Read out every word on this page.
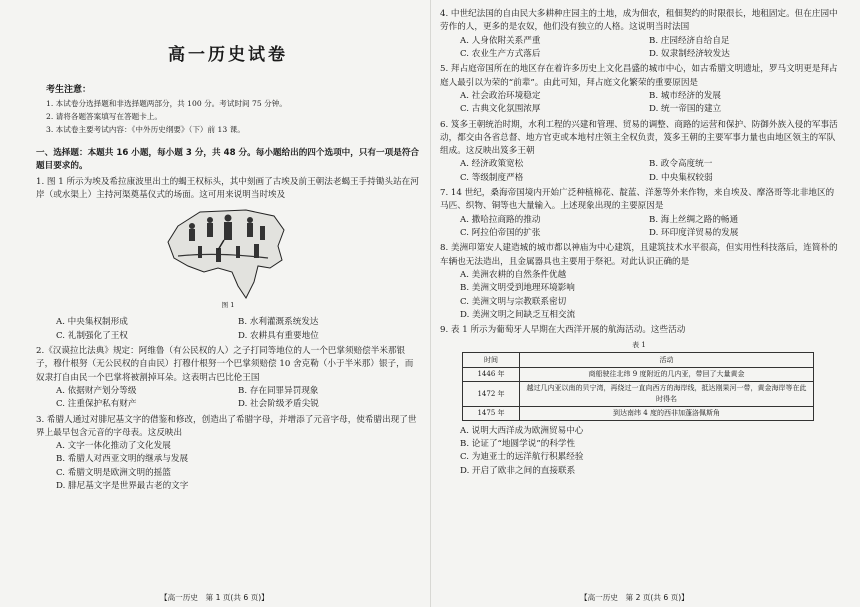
高一历史试卷
考生注意：
1. 本试卷分选择题和非选择题两部分，共 100 分。考试时间 75 分钟。
2. 请将各题答案填写在答题卡上。
3. 本试卷主要考试内容：《中外历史纲要》（下）前 13 课。
一、选择题：本题共 16 小题，每小题 3 分，共 48 分。每小题给出的四个选项中，只有一项是符合题目要求的。
1. 图 1 所示为埃及希拉康波里出土的蝎王权标头，其中刻画了古埃及前王朝法老蝎王手持锄头站在河岸（或水渠上）主持河渠奠基仪式的场面。这可用来说明当时埃及
图 1
A. 中央集权制形成	B. 水利灌溉系统发达
C. 礼制强化了王权	D. 农耕具有重要地位
2.《汉谟拉比法典》规定：阿维鲁（有公民权的人）之子打同等地位的人一个巴掌须赔偿半米那银子，穆什根努（无公民权的自由民）打穆什根努一个巴掌须赔偿 10 舍克勒（小于半米那）银子，而奴隶打自由民一个巴掌将被割掉耳朵。这表明古巴比伦王国
A. 依据财产划分等级	B. 存在同罪异罚现象
C. 注重保护私有财产	D. 社会阶级矛盾尖锐
3. 希腊人通过对腓尼基文字的借鉴和修改，创造出了希腊字母，并增添了元音字母，使希腊出现了世界上最早包含元音的字母表。这反映出
A. 文字一体化推动了文化发展
B. 希腊人对西亚文明的继承与发展
C. 希腊文明是欧洲文明的摇篮
D. 腓尼基文字是世界最古老的文字
【高一历史　第 1 页(共 6 页)】
4. 中世纪法国的自由民大多耕种庄园主的土地，成为佃农，租佃契约的时限很长，地租固定。但在庄园中劳作的人，更多的是农奴，他们没有独立的人格。这说明当时法国
A. 人身依附关系严重	B. 庄园经济自给自足
C. 农业生产方式落后	D. 奴隶制经济较发达
5. 拜占庭帝国所在的地区存在着许多历史上文化昌盛的城市中心，如古希腊文明遗址，罗马文明更是拜占庭人最引以为荣的“前辈”。由此可知，拜占庭文化繁荣的重要原因是
A. 社会政治环境稳定	B. 城市经济的发展
C. 古典文化氛围浓厚	D. 统一帝国的建立
6. 笈多王朝统治时期，水利工程的兴建和管理、贸易的调整、商路的运营和保护、防御外族入侵的军事活动，都交由各省总督、地方官吏或本地村庄领主全权负责，笈多王朝的主要军事力量也由地区领主的军队组成。这反映出笈多王朝
A. 经济政策宽松	B. 政令高度统一
C. 等级制度严格	D. 中央集权较弱
7. 14 世纪，桑海帝国境内开始广泛种植棉花、靛蓝、洋葱等外来作物，来自埃及、摩洛哥等北非地区的马匹、织物、铜等也大量输入。上述现象出现的主要原因是
A. 撒哈拉商路的推动	B. 海上丝绸之路的畅通
C. 阿拉伯帝国的扩张	D. 环印度洋贸易的发展
8. 美洲印第安人建造城的城市都以神庙为中心建筑，且建筑技术水平很高，但实用性科技落后，连简朴的车辆也无法造出，且金属器具也主要用于祭祀。对此认识正确的是
A. 美洲农耕的自然条件优越
B. 美洲文明受到地理环境影响
C. 美洲文明与宗教联系密切
D. 美洲文明之间缺乏互相交流
9. 表 1 所示为葡萄牙人早期在大西洋开展的航海活动。这些活动
表 1
时间	活动
1446 年	商船驶往北纬 9 度附近的几内亚，带回了大量黄金
1472 年	越过几内亚以南的贝宁湾，再绕过一直向西方的海岸线，抵达刚果河一带，黄金海岸等在此时得名
1475 年	到达南纬 4 度的西非加蓬洛佩斯角
A. 说明大西洋成为欧洲贸易中心
B. 论证了“地圆学说”的科学性
C. 为迪亚士的远洋航行积累经验
D. 开启了欧非之间的直接联系
【高一历史　第 2 页(共 6 页)】
